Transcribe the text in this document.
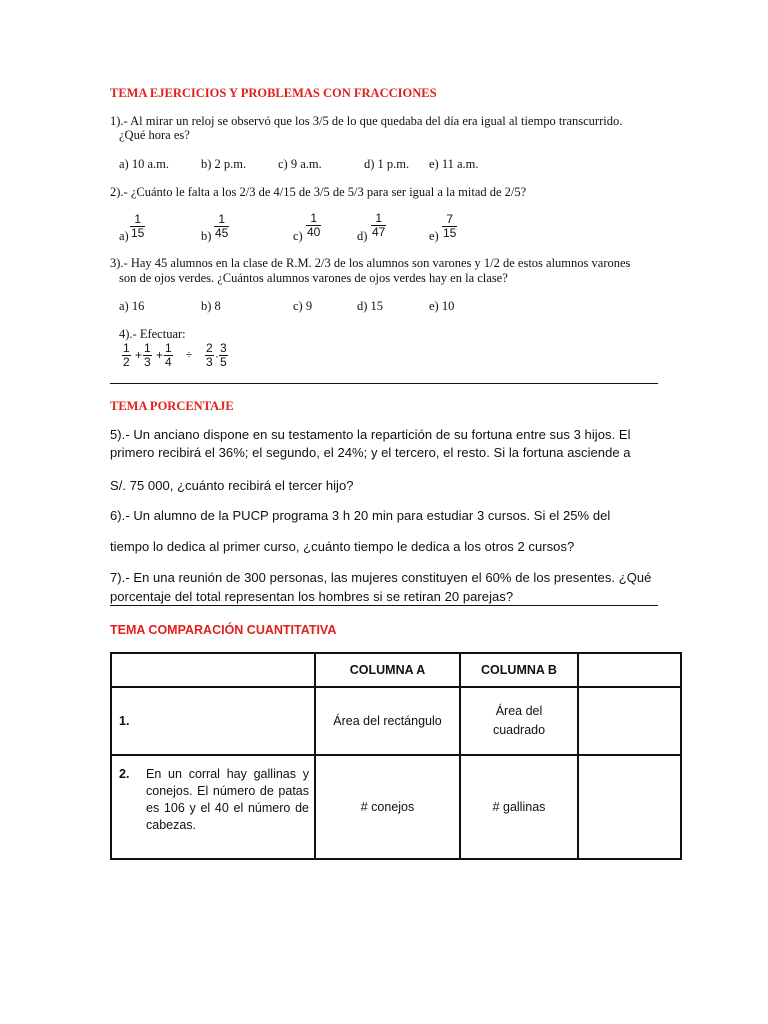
TEMA EJERCICIOS Y PROBLEMAS CON FRACCIONES
1).- Al mirar un reloj se observó que los 3/5 de lo que quedaba del día era igual al tiempo transcurrido.
¿Qué hora es?
a) 10 a.m.	b) 2 p.m.	c) 9 a.m.	d) 1 p.m. e) 11 a.m.
2).- ¿Cuánto le falta a los 2/3 de 4/15 de 3/5 de 5/3 para ser igual a la mitad de 2/5?
$a) \frac{1}{15}$	$b) \frac{1}{45}$	$c) \frac{1}{40}$	$d) \frac{1}{47}$	$e) \frac{7}{15}$
3).- Hay 45 alumnos en la clase de R.M. 2/3 de los alumnos son varones y 1/2 de estos alumnos varones
son de ojos verdes. ¿Cuántos alumnos varones de ojos verdes hay en la clase?
a) 16	b) 8	c) 9	d) 15	e) 10
4).- Efectuar:
$\frac{1}{2} + \frac{1}{3} + \frac{1}{4} \div \frac{2}{3} \cdot \frac{3}{5}$
TEMA PORCENTAJE
5).- Un anciano dispone en su testamento la repartición de su fortuna entre sus 3 hijos. El
primero recibirá el 36%; el segundo, el 24%; y el tercero, el resto. Si la fortuna asciende a
S/. 75 000, ¿cuánto recibirá el tercer hijo?
6).- Un alumno de la PUCP programa 3 h 20 min para estudiar 3 cursos. Si el 25% del
tiempo lo dedica al primer curso, ¿cuánto tiempo le dedica a los otros 2 cursos?
7).- En una reunión de 300 personas, las mujeres constituyen el 60% de los presentes. ¿Qué
porcentaje del total representan los hombres si se retiran 20 parejas?
TEMA COMPARACIÓN CUANTITATIVA
	COLUMNA A	COLUMNA B	
1.	Área del rectángulo	Área del
cuadrado	

2. En un corral hay gallinas y conejos. El número de patas es 106 y el 40 el número de cabezas.	# conejos	# gallinas	
